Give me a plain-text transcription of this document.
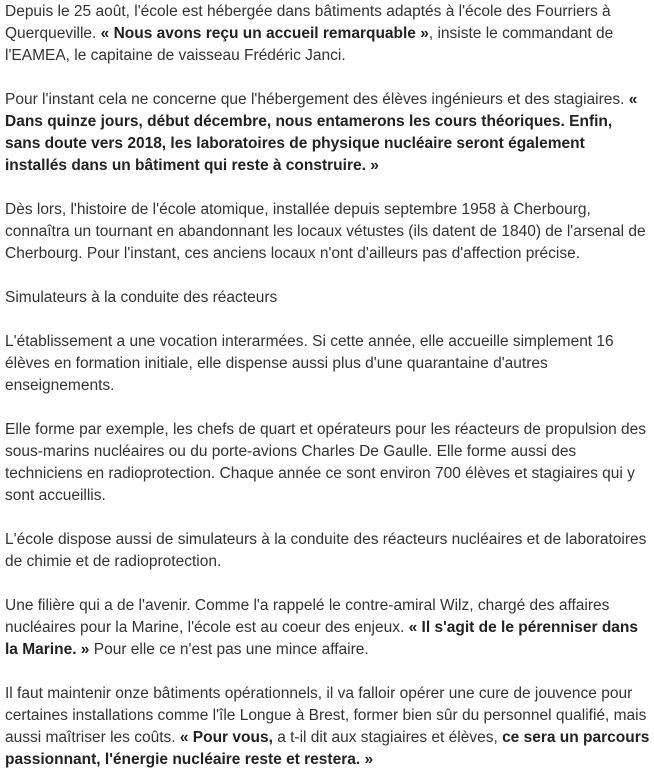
Depuis le 25 août, l'école est hébergée dans bâtiments adaptés à l'école des Fourriers à Querqueville. « Nous avons reçu un accueil remarquable », insiste le commandant de l'EAMEA, le capitaine de vaisseau Frédéric Janci.

Pour l'instant cela ne concerne que l'hébergement des élèves ingénieurs et des stagiaires. « Dans quinze jours, début décembre, nous entamerons les cours théoriques. Enfin, sans doute vers 2018, les laboratoires de physique nucléaire seront également installés dans un bâtiment qui reste à construire. »

Dès lors, l'histoire de l'école atomique, installée depuis septembre 1958 à Cherbourg, connaîtra un tournant en abandonnant les locaux vétustes (ils datent de 1840) de l'arsenal de Cherbourg. Pour l'instant, ces anciens locaux n'ont d'ailleurs pas d'affection précise.

Simulateurs à la conduite des réacteurs

L'établissement a une vocation interarmées. Si cette année, elle accueille simplement 16 élèves en formation initiale, elle dispense aussi plus d'une quarantaine d'autres enseignements.

Elle forme par exemple, les chefs de quart et opérateurs pour les réacteurs de propulsion des sous-marins nucléaires ou du porte-avions Charles De Gaulle. Elle forme aussi des techniciens en radioprotection. Chaque année ce sont environ 700 élèves et stagiaires qui y sont accueillis.

L'école dispose aussi de simulateurs à la conduite des réacteurs nucléaires et de laboratoires de chimie et de radioprotection.

Une filière qui a de l'avenir. Comme l'a rappelé le contre-amiral Wilz, chargé des affaires nucléaires pour la Marine, l'école est au coeur des enjeux. « Il s'agit de le pérenniser dans la Marine. » Pour elle ce n'est pas une mince affaire.

Il faut maintenir onze bâtiments opérationnels, il va falloir opérer une cure de jouvence pour certaines installations comme l'île Longue à Brest, former bien sûr du personnel qualifié, mais aussi maîtriser les coûts. « Pour vous, a t-il dit aux stagiaires et élèves, ce sera un parcours passionnant, l'énergie nucléaire reste et restera. »
